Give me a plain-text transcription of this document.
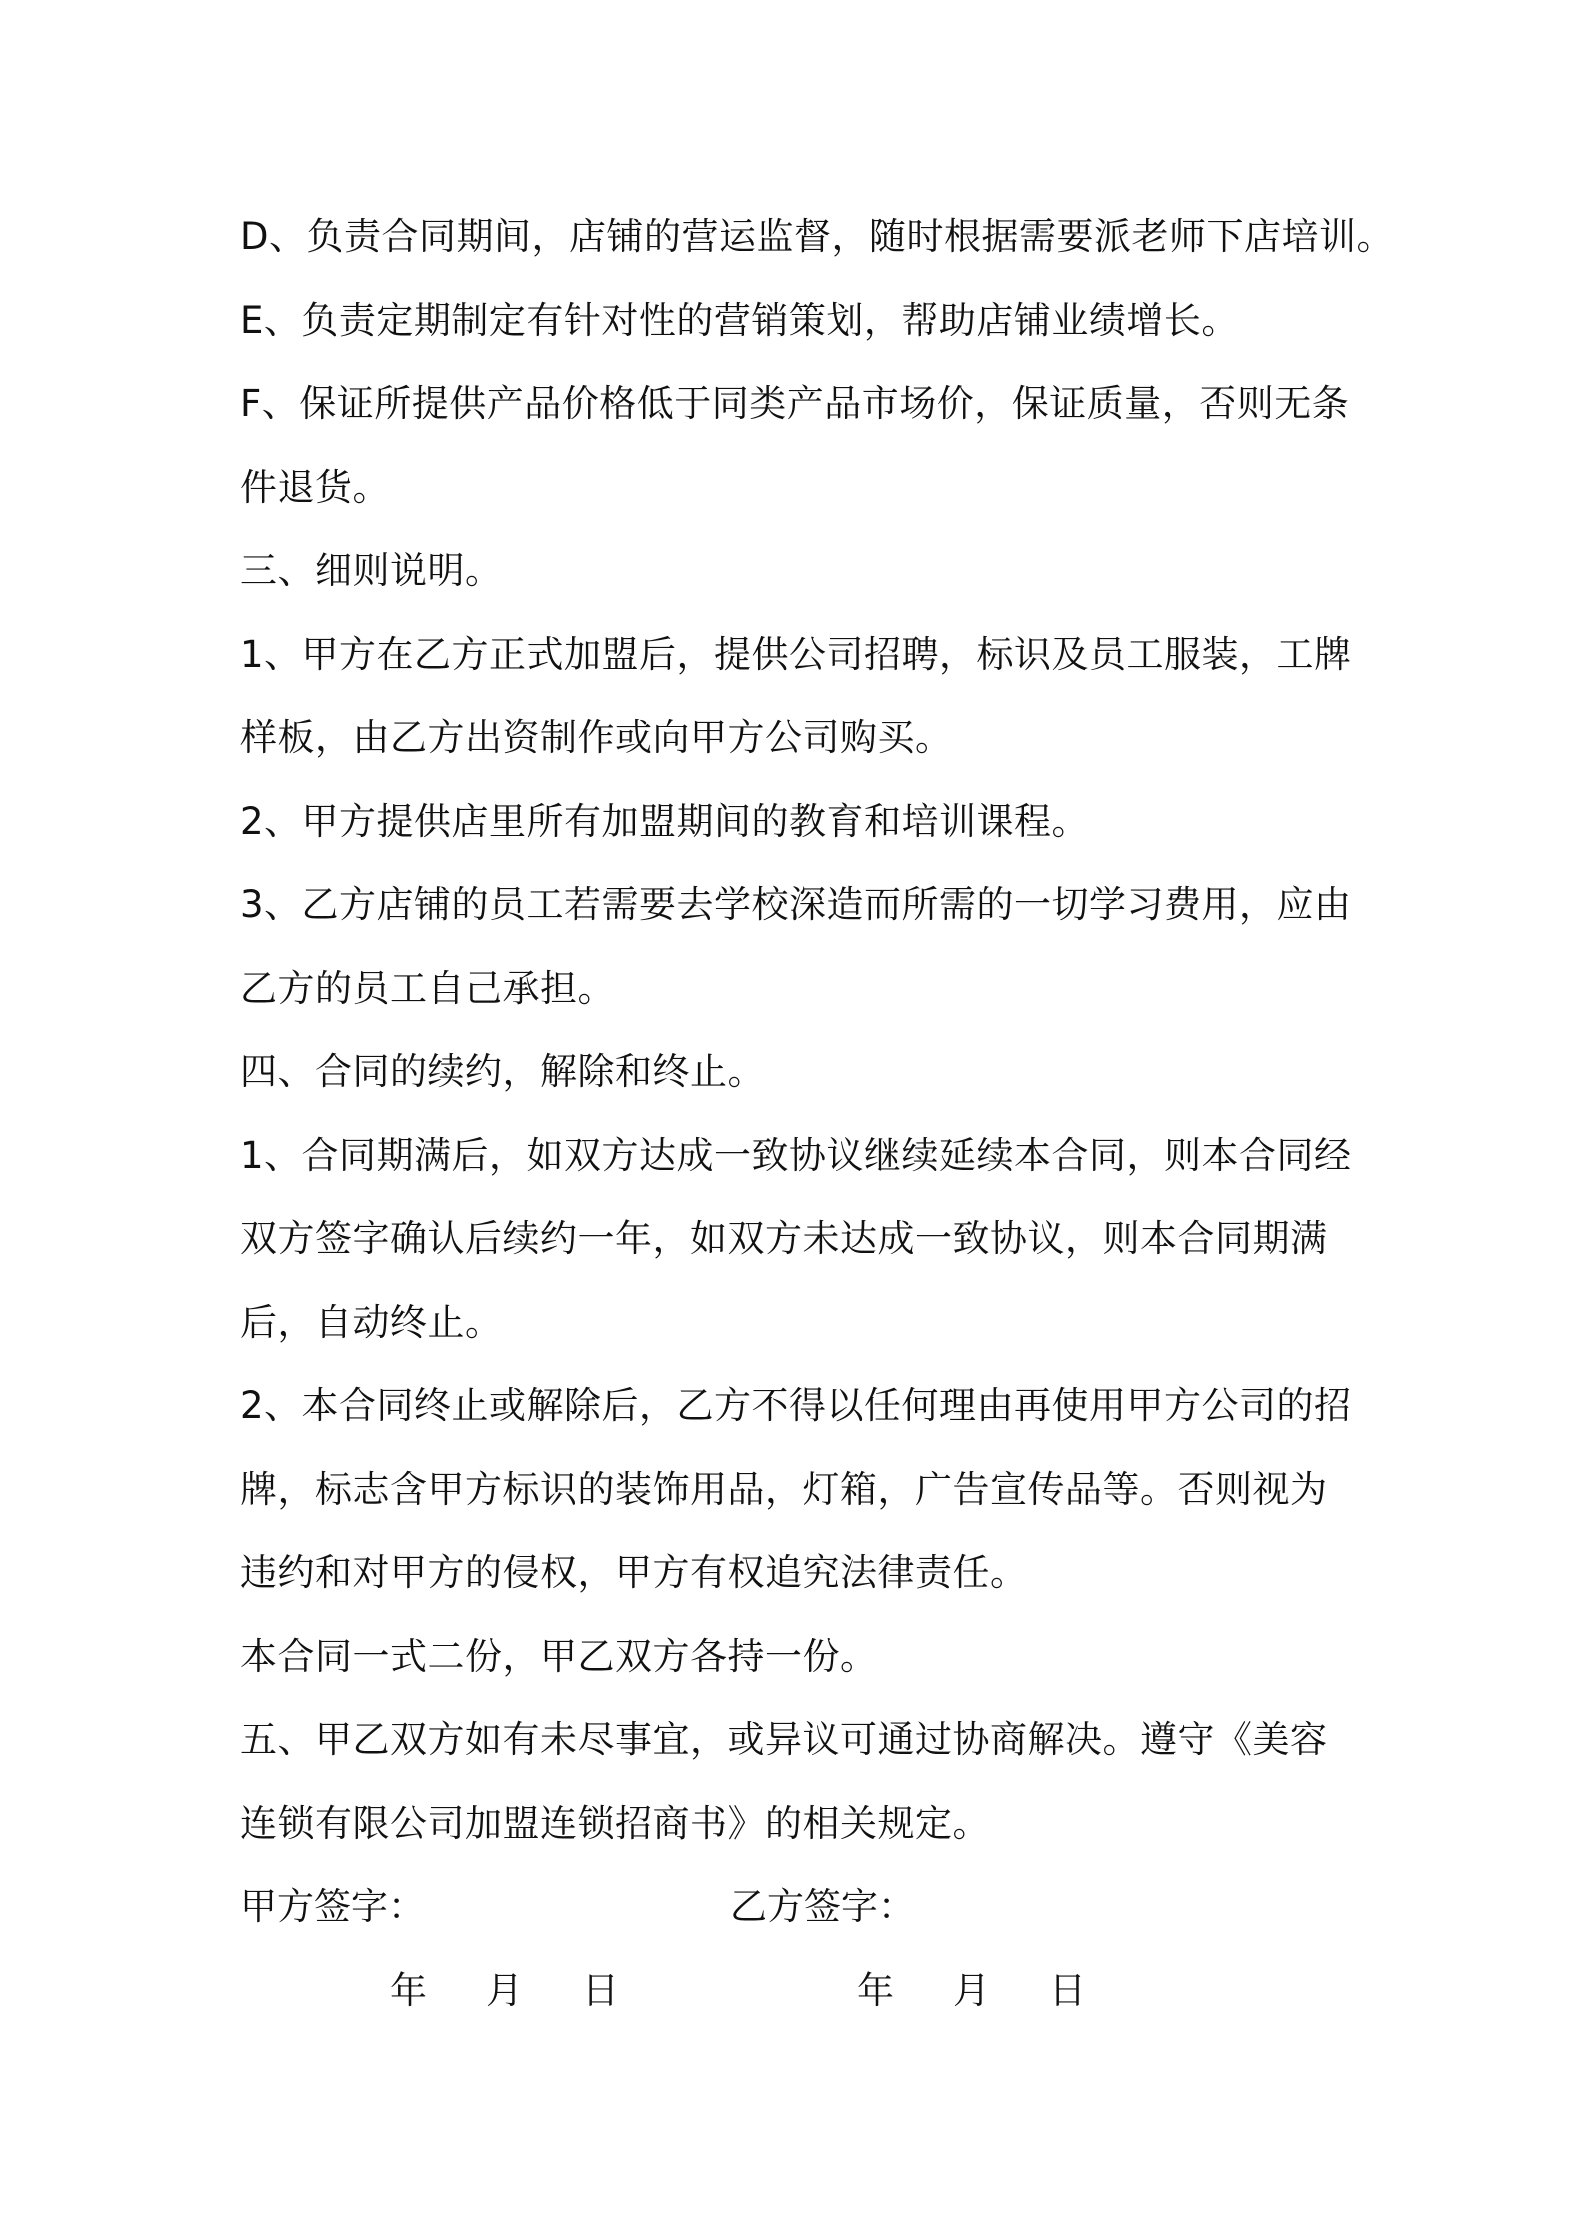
D、负责合同期间，店铺的营运监督，随时根据需要派老师下店培训。
E、负责定期制定有针对性的营销策划，帮助店铺业绩增长。
F、保证所提供产品价格低于同类产品市场价，保证质量，否则无条
件退货。
三、细则说明。
1、甲方在乙方正式加盟后，提供公司招聘，标识及员工服装，工牌
样板，由乙方出资制作或向甲方公司购买。
2、甲方提供店里所有加盟期间的教育和培训课程。
3、乙方店铺的员工若需要去学校深造而所需的一切学习费用，应由
乙方的员工自己承担。
四、合同的续约，解除和终止。
1、合同期满后，如双方达成一致协议继续延续本合同，则本合同经
双方签字确认后续约一年，如双方未达成一致协议，则本合同期满
后，自动终止。
2、本合同终止或解除后，乙方不得以任何理由再使用甲方公司的招
牌，标志含甲方标识的装饰用品，灯箱，广告宣传品等。否则视为
违约和对甲方的侵权，甲方有权追究法律责任。
本合同一式二份，甲乙双方各持一份。
五、甲乙双方如有未尽事宜，或异议可通过协商解决。遵守《美容
连锁有限公司加盟连锁招商书》的相关规定。
甲方签字：	乙方签字：
年 月 日	年 月 日
